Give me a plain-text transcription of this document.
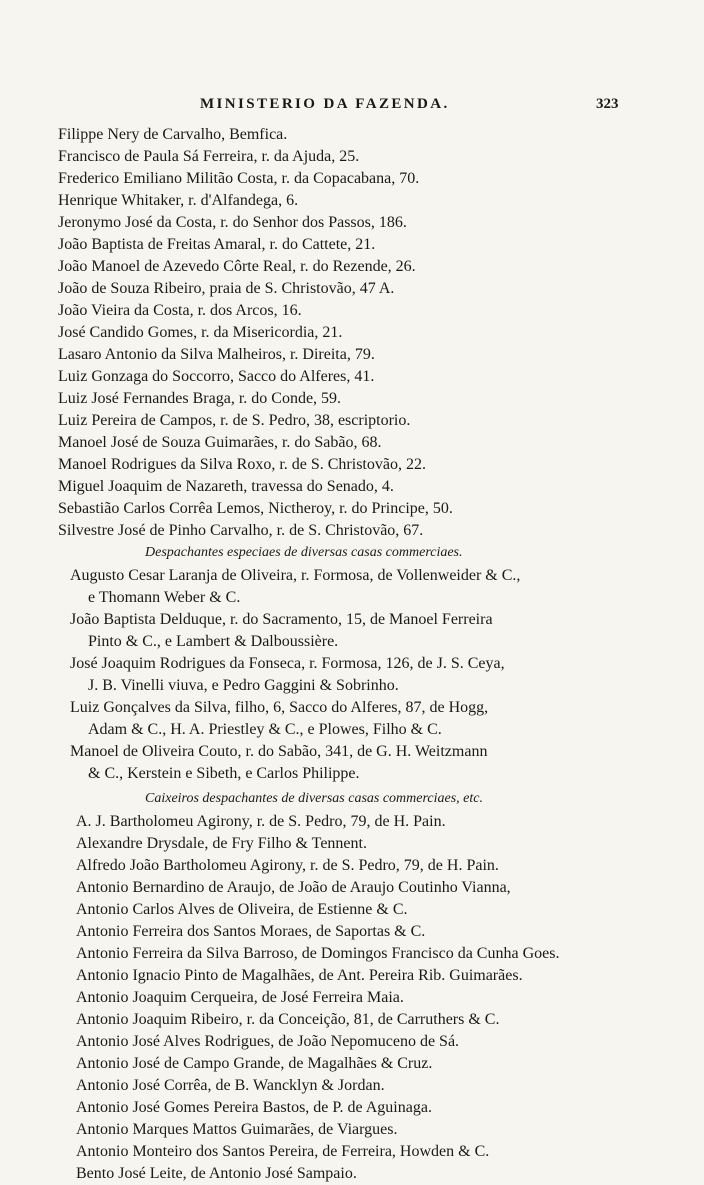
MINISTERIO DA FAZENDA.	323
Filippe Nery de Carvalho, Bemfica.
Francisco de Paula Sá Ferreira, r. da Ajuda, 25.
Frederico Emiliano Militão Costa, r. da Copacabana, 70.
Henrique Whitaker, r. d'Alfandega, 6.
Jeronymo José da Costa, r. do Senhor dos Passos, 186.
João Baptista de Freitas Amaral, r. do Cattete, 21.
João Manoel de Azevedo Côrte Real, r. do Rezende, 26.
João de Souza Ribeiro, praia de S. Christovão, 47 A.
João Vieira da Costa, r. dos Arcos, 16.
José Candido Gomes, r. da Misericordia, 21.
Lasaro Antonio da Silva Malheiros, r. Direita, 79.
Luiz Gonzaga do Soccorro, Sacco do Alferes, 41.
Luiz José Fernandes Braga, r. do Conde, 59.
Luiz Pereira de Campos, r. de S. Pedro, 38, escriptorio.
Manoel José de Souza Guimarães, r. do Sabão, 68.
Manoel Rodrigues da Silva Roxo, r. de S. Christovão, 22.
Miguel Joaquim de Nazareth, travessa do Senado, 4.
Sebastião Carlos Corrêa Lemos, Nictheroy, r. do Principe, 50.
Silvestre José de Pinho Carvalho, r. de S. Christovão, 67.
Despachantes especiaes de diversas casas commerciaes.
Augusto Cesar Laranja de Oliveira, r. Formosa, de Vollenweider & C.,
e Thomann Weber & C.
João Baptista Delduque, r. do Sacramento, 15, de Manoel Ferreira
Pinto & C., e Lambert & Dalboussière.
José Joaquim Rodrigues da Fonseca, r. Formosa, 126, de J. S. Ceya,
J. B. Vinelli viuva, e Pedro Gaggini & Sobrinho.
Luiz Gonçalves da Silva, filho, 6, Sacco do Alferes, 87, de Hogg,
Adam & C., H. A. Priestley & C., e Plowes, Filho & C.
Manoel de Oliveira Couto, r. do Sabão, 341, de G. H. Weitzmann
& C., Kerstein e Sibeth, e Carlos Philippe.
Caixeiros despachantes de diversas casas commerciaes, etc.
A. J. Bartholomeu Agirony, r. de S. Pedro, 79, de H. Pain.
Alexandre Drysdale, de Fry Filho & Tennent.
Alfredo João Bartholomeu Agirony, r. de S. Pedro, 79, de H. Pain.
Antonio Bernardino de Araujo, de João de Araujo Coutinho Vianna,
Antonio Carlos Alves de Oliveira, de Estienne & C.
Antonio Ferreira dos Santos Moraes, de Saportas & C.
Antonio Ferreira da Silva Barroso, de Domingos Francisco da Cunha Goes.
Antonio Ignacio Pinto de Magalhães, de Ant. Pereira Rib. Guimarães.
Antonio Joaquim Cerqueira, de José Ferreira Maia.
Antonio Joaquim Ribeiro, r. da Conceição, 81, de Carruthers & C.
Antonio José Alves Rodrigues, de João Nepomuceno de Sá.
Antonio José de Campo Grande, de Magalhães & Cruz.
Antonio José Corrêa, de B. Wancklyn & Jordan.
Antonio José Gomes Pereira Bastos, de P. de Aguinaga.
Antonio Marques Mattos Guimarães, de Viargues.
Antonio Monteiro dos Santos Pereira, de Ferreira, Howden & C.
Bento José Leite, de Antonio José Sampaio.
